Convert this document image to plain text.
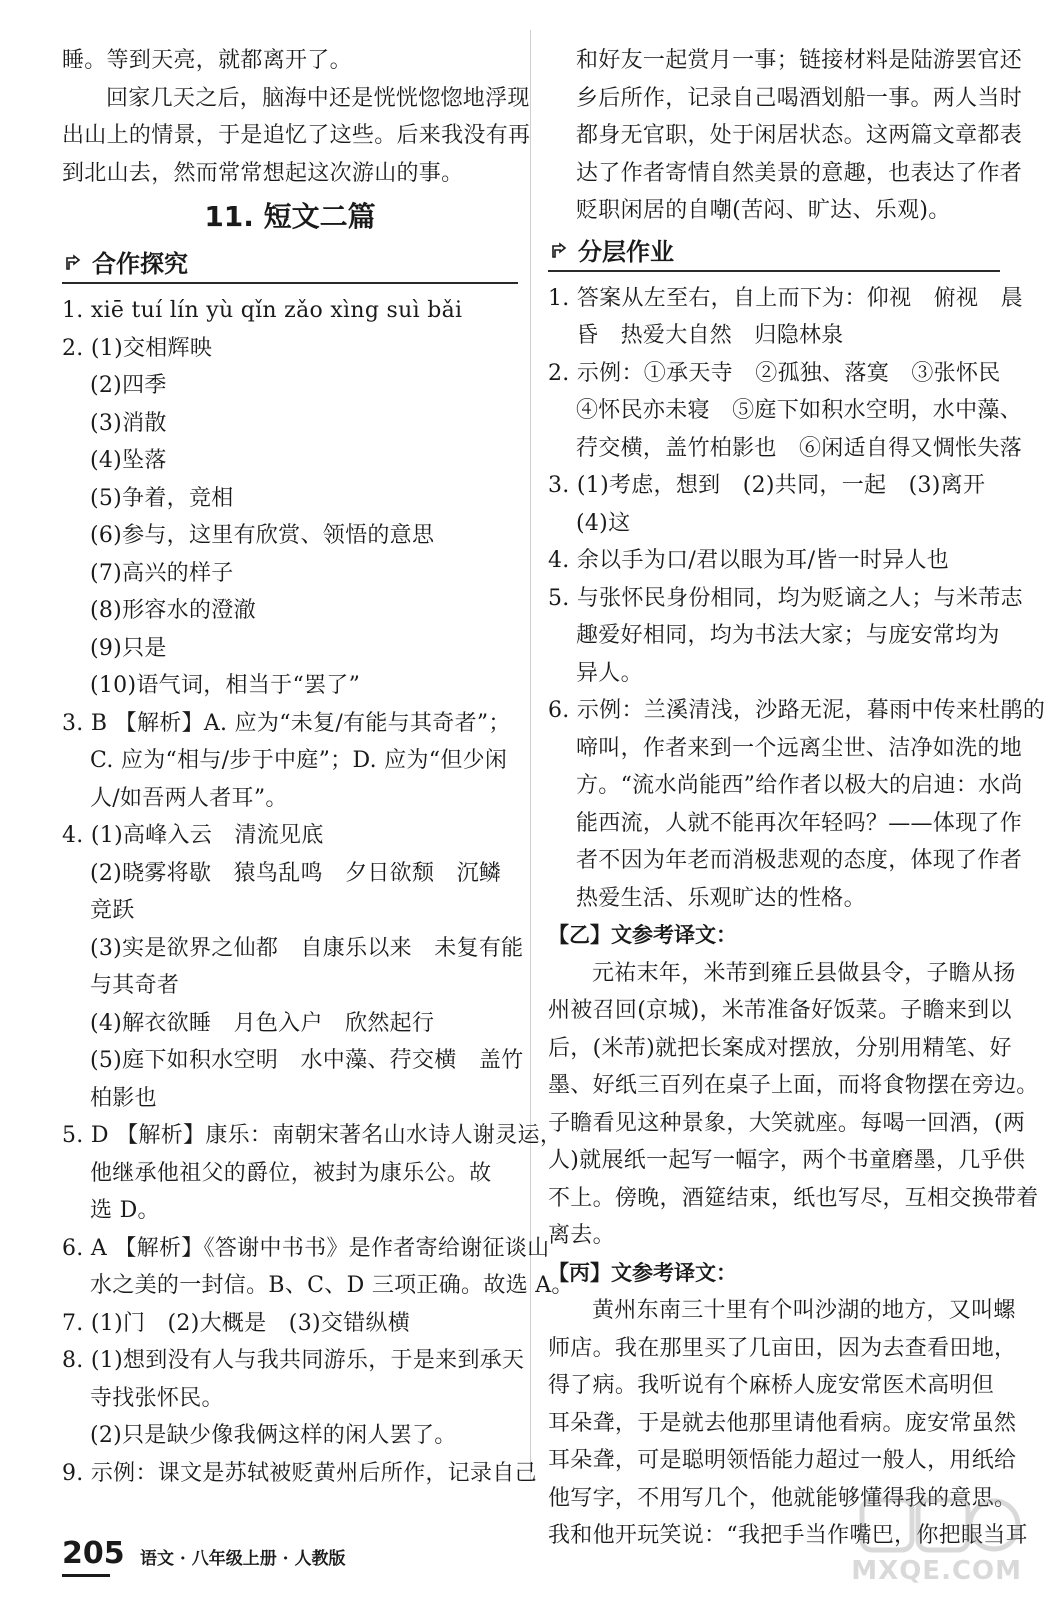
睡。等到天亮，就都离开了。
回家几天之后，脑海中还是恍恍惚惚地浮现
出山上的情景，于是追忆了这些。后来我没有再
到北山去，然而常常想起这次游山的事。
11. 短文二篇
合作探究
1. xiē tuí lín yù qǐn zǎo xìng suì bǎi
2. (1)交相辉映
(2)四季
(3)消散
(4)坠落
(5)争着，竞相
(6)参与，这里有欣赏、领悟的意思
(7)高兴的样子
(8)形容水的澄澈
(9)只是
(10)语气词，相当于“罢了”
3. B 【解析】A. 应为“未复/有能与其奇者”；
C. 应为“相与/步于中庭”；D. 应为“但少闲
人/如吾两人者耳”。
4. (1)高峰入云　清流见底
(2)晓雾将歇　猿鸟乱鸣　夕日欲颓　沉鳞
竞跃
(3)实是欲界之仙都　自康乐以来　未复有能
与其奇者
(4)解衣欲睡　月色入户　欣然起行
(5)庭下如积水空明　水中藻、荇交横　盖竹
柏影也
5. D 【解析】康乐：南朝宋著名山水诗人谢灵运，
他继承他祖父的爵位，被封为康乐公。故
选 D。
6. A 【解析】《答谢中书书》是作者寄给谢征谈山
水之美的一封信。B、C、D 三项正确。故选 A。
7. (1)门　(2)大概是　(3)交错纵横
8. (1)想到没有人与我共同游乐，于是来到承天
寺找张怀民。
(2)只是缺少像我俩这样的闲人罢了。
9. 示例：课文是苏轼被贬黄州后所作，记录自己
和好友一起赏月一事；链接材料是陆游罢官还
乡后所作，记录自己喝酒划船一事。两人当时
都身无官职，处于闲居状态。这两篇文章都表
达了作者寄情自然美景的意趣，也表达了作者
贬职闲居的自嘲(苦闷、旷达、乐观)。
分层作业
1. 答案从左至右，自上而下为：仰视　俯视　晨
昏　热爱大自然　归隐林泉
2. 示例：①承天寺　②孤独、落寞　③张怀民
④怀民亦未寝　⑤庭下如积水空明，水中藻、
荇交横，盖竹柏影也　⑥闲适自得又惆怅失落
3. (1)考虑，想到　(2)共同，一起　(3)离开
(4)这
4. 余以手为口/君以眼为耳/皆一时异人也
5. 与张怀民身份相同，均为贬谪之人；与米芾志
趣爱好相同，均为书法大家；与庞安常均为
异人。
6. 示例：兰溪清浅，沙路无泥，暮雨中传来杜鹃的
啼叫，作者来到一个远离尘世、洁净如洗的地
方。“流水尚能西”给作者以极大的启迪：水尚
能西流，人就不能再次年轻吗？——体现了作
者不因为年老而消极悲观的态度，体现了作者
热爱生活、乐观旷达的性格。
【乙】文参考译文：
元祐末年，米芾到雍丘县做县令，子瞻从扬
州被召回(京城)，米芾准备好饭菜。子瞻来到以
后，(米芾)就把长案成对摆放，分别用精笔、好
墨、好纸三百列在桌子上面，而将食物摆在旁边。
子瞻看见这种景象，大笑就座。每喝一回酒，(两
人)就展纸一起写一幅字，两个书童磨墨，几乎供
不上。傍晚，酒筵结束，纸也写尽，互相交换带着
离去。
【丙】文参考译文：
黄州东南三十里有个叫沙湖的地方，又叫螺
师店。我在那里买了几亩田，因为去查看田地，
得了病。我听说有个麻桥人庞安常医术高明但
耳朵聋，于是就去他那里请他看病。庞安常虽然
耳朵聋，可是聪明领悟能力超过一般人，用纸给
他写字，不用写几个，他就能够懂得我的意思。
我和他开玩笑说：“我把手当作嘴巴，你把眼当耳
205 语文 · 八年级上册 · 人教版	MXQE.COM
